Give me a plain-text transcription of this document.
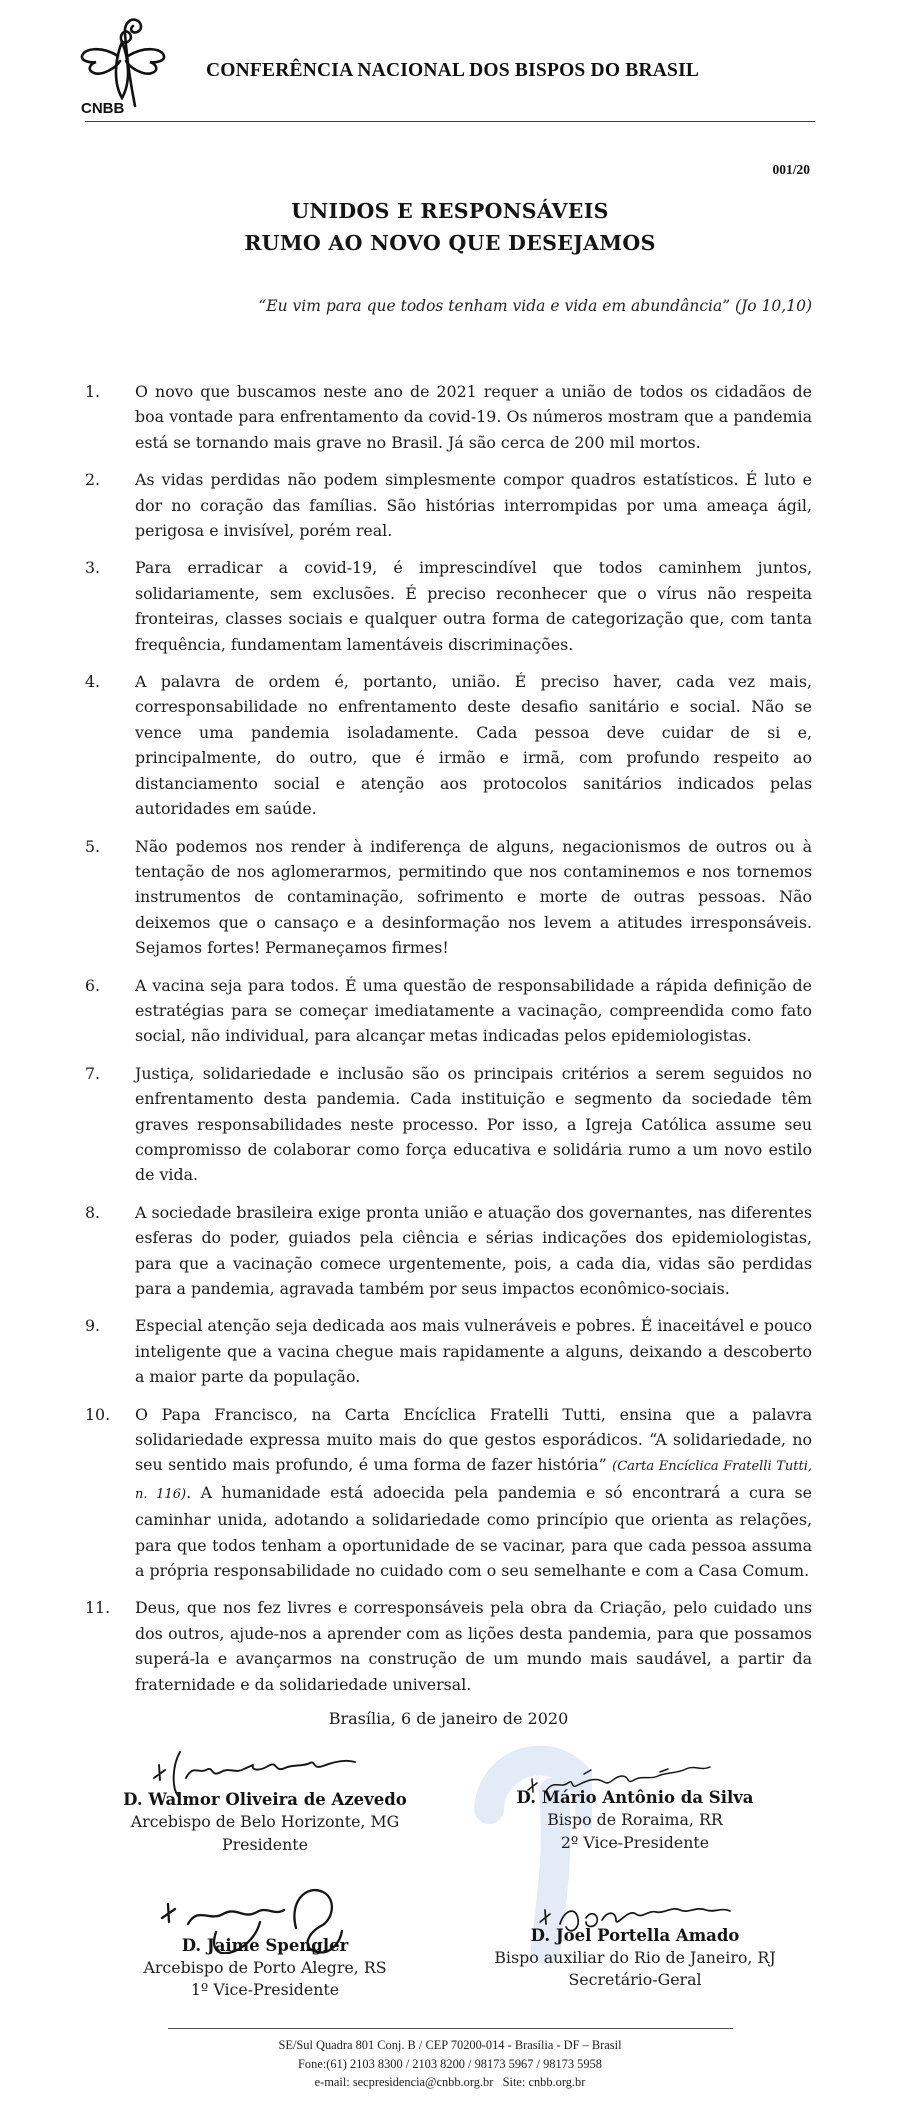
CNBB
CONFERÊNCIA NACIONAL DOS BISPOS DO BRASIL
001/20
UNIDOS E RESPONSÁVEIS
RUMO AO NOVO QUE DESEJAMOS
“Eu vim para que todos tenham vida e vida em abundância” (Jo 10,10)
1.	O novo que buscamos neste ano de 2021 requer a união de todos os cidadãos de boa vontade para enfrentamento da covid-19. Os números mostram que a pandemia está se tornando mais grave no Brasil. Já são cerca de 200 mil mortos.
2.	As vidas perdidas não podem simplesmente compor quadros estatísticos. É luto e dor no coração das famílias. São histórias interrompidas por uma ameaça ágil, perigosa e invisível, porém real.
3.	Para erradicar a covid-19, é imprescindível que todos caminhem juntos, solidariamente, sem exclusões. É preciso reconhecer que o vírus não respeita fronteiras, classes sociais e qualquer outra forma de categorização que, com tanta frequência, fundamentam lamentáveis discriminações.
4.	A palavra de ordem é, portanto, união. É preciso haver, cada vez mais, corresponsabilidade no enfrentamento deste desafio sanitário e social. Não se vence uma pandemia isoladamente. Cada pessoa deve cuidar de si e, principalmente, do outro, que é irmão e irmã, com profundo respeito ao distanciamento social e atenção aos protocolos sanitários indicados pelas autoridades em saúde.
5.	Não podemos nos render à indiferença de alguns, negacionismos de outros ou à tentação de nos aglomerarmos, permitindo que nos contaminemos e nos tornemos instrumentos de contaminação, sofrimento e morte de outras pessoas. Não deixemos que o cansaço e a desinformação nos levem a atitudes irresponsáveis. Sejamos fortes! Permaneçamos firmes!
6.	A vacina seja para todos. É uma questão de responsabilidade a rápida definição de estratégias para se começar imediatamente a vacinação, compreendida como fato social, não individual, para alcançar metas indicadas pelos epidemiologistas.
7.	Justiça, solidariedade e inclusão são os principais critérios a serem seguidos no enfrentamento desta pandemia. Cada instituição e segmento da sociedade têm graves responsabilidades neste processo. Por isso, a Igreja Católica assume seu compromisso de colaborar como força educativa e solidária rumo a um novo estilo de vida.
8.	A sociedade brasileira exige pronta união e atuação dos governantes, nas diferentes esferas do poder, guiados pela ciência e sérias indicações dos epidemiologistas, para que a vacinação comece urgentemente, pois, a cada dia, vidas são perdidas para a pandemia, agravada também por seus impactos econômico-sociais.
9.	Especial atenção seja dedicada aos mais vulneráveis e pobres. É inaceitável e pouco inteligente que a vacina chegue mais rapidamente a alguns, deixando a descoberto a maior parte da população.
10.	O Papa Francisco, na Carta Encíclica Fratelli Tutti, ensina que a palavra solidariedade expressa muito mais do que gestos esporádicos. “A solidariedade, no seu sentido mais profundo, é uma forma de fazer história” (Carta Encíclica Fratelli Tutti, n. 116). A humanidade está adoecida pela pandemia e só encontrará a cura se caminhar unida, adotando a solidariedade como princípio que orienta as relações, para que todos tenham a oportunidade de se vacinar, para que cada pessoa assuma a própria responsabilidade no cuidado com o seu semelhante e com a Casa Comum.
11.	Deus, que nos fez livres e corresponsáveis pela obra da Criação, pelo cuidado uns dos outros, ajude-nos a aprender com as lições desta pandemia, para que possamos superá-la e avançarmos na construção de um mundo mais saudável, a partir da fraternidade e da solidariedade universal.
Brasília, 6 de janeiro de 2020
D. Walmor Oliveira de Azevedo
Arcebispo de Belo Horizonte, MG
Presidente
D. Mário Antônio da Silva
Bispo de Roraima, RR
2º Vice-Presidente
D. Jaime Spengler
Arcebispo de Porto Alegre, RS
1º Vice-Presidente
D. Joel Portella Amado
Bispo auxiliar do Rio de Janeiro, RJ
Secretário-Geral
SE/Sul Quadra 801 Conj. B / CEP 70200-014 - Brasília - DF – Brasil
Fone:(61) 2103 8300 / 2103 8200 / 98173 5967 / 98173 5958
e-mail: secpresidencia@cnbb.org.br   Site: cnbb.org.br
